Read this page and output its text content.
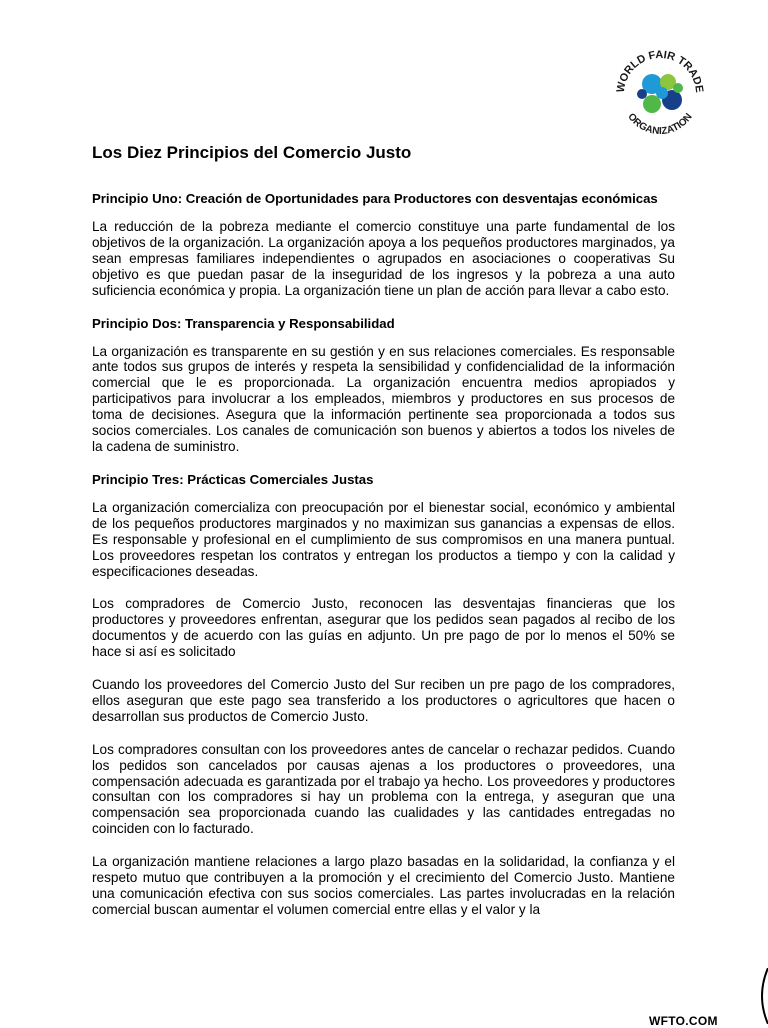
WORLD FAIR TRADE
ORGANIZATION
Los Diez Principios del Comercio Justo
Principio Uno: Creación de Oportunidades para Productores con desventajas económicas

La reducción de la pobreza mediante el comercio constituye una parte fundamental de los objetivos de la organización. La organización apoya a los pequeños productores marginados, ya sean empresas familiares independientes o agrupados en asociaciones o cooperativas Su objetivo es que puedan pasar de la inseguridad de los ingresos y la pobreza a una auto suficiencia económica y propia. La organización tiene un plan de acción para llevar a cabo esto.

Principio Dos: Transparencia y Responsabilidad

La organización es transparente en su gestión y en sus relaciones comerciales. Es responsable ante todos sus grupos de interés y respeta la sensibilidad y confidencialidad de la información comercial que le es proporcionada. La organización encuentra medios apropiados y participativos para involucrar a los empleados, miembros y productores en sus procesos de toma de decisiones. Asegura que la información pertinente sea proporcionada a todos sus socios comerciales. Los canales de comunicación son buenos y abiertos a todos los niveles de la cadena de suministro.

Principio Tres: Prácticas Comerciales Justas

La organización comercializa con preocupación por el bienestar social, económico y ambiental de los pequeños productores marginados y no maximizan sus ganancias a expensas de ellos. Es responsable y profesional en el cumplimiento de sus compromisos en una manera puntual. Los proveedores respetan los contratos y entregan los productos a tiempo y con la calidad y especificaciones deseadas.

Los compradores de Comercio Justo, reconocen las desventajas financieras que los productores y proveedores enfrentan, asegurar que los pedidos sean pagados al recibo de los documentos y de acuerdo con las guías en adjunto. Un pre pago de por lo menos el 50% se hace si así es solicitado

Cuando los proveedores del Comercio Justo del Sur reciben un pre pago de los compradores, ellos aseguran que este pago sea transferido a los productores o agricultores que hacen o desarrollan sus productos de Comercio Justo.

Los compradores consultan con los proveedores antes de cancelar o rechazar pedidos. Cuando los pedidos son cancelados por causas ajenas a los productores o proveedores, una compensación adecuada es garantizada por el trabajo ya hecho. Los proveedores y productores consultan con los compradores si hay un problema con la entrega, y aseguran que una compensación sea proporcionada cuando las cualidades y las cantidades entregadas no coinciden con lo facturado.

La organización mantiene relaciones a largo plazo basadas en la solidaridad, la confianza y el respeto mutuo que contribuyen a la promoción y el crecimiento del Comercio Justo. Mantiene una comunicación efectiva con sus socios comerciales. Las partes involucradas en la relación comercial buscan aumentar el volumen comercial entre ellas y el valor y la

WFTO.COM
